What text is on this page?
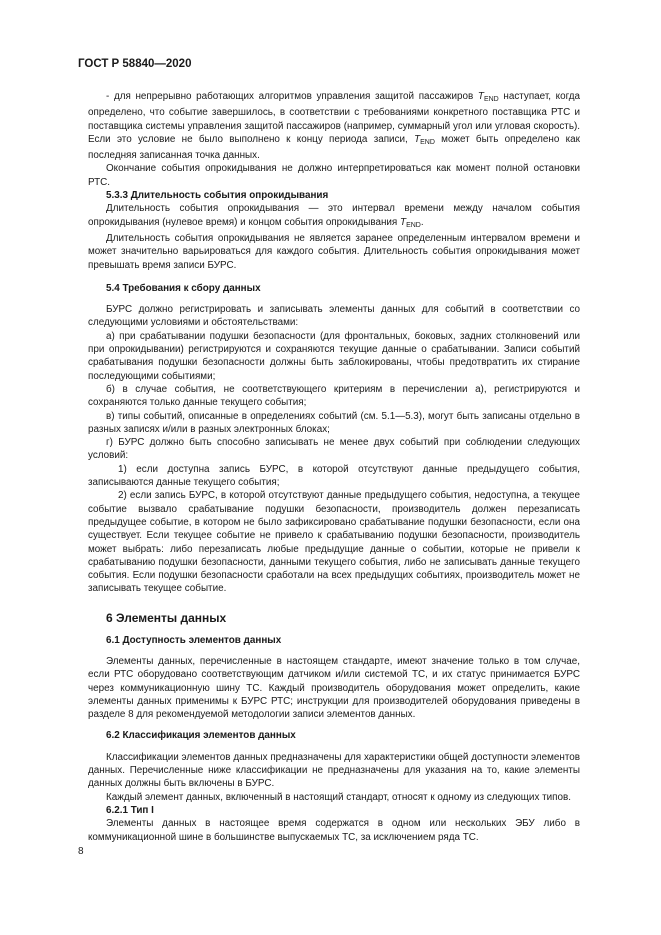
ГОСТ Р 58840—2020

- для непрерывно работающих алгоритмов управления защитой пассажиров $T_{END}$ наступает, когда определено, что событие завершилось, в соответствии с требованиями конкретного поставщика РТС и поставщика системы управления защитой пассажиров (например, суммарный угол или угловая скорость). Если это условие не было выполнено к концу периода записи, $T_{END}$ может быть определено как последняя записанная точка данных.

Окончание события опрокидывания не должно интерпретироваться как момент полной остановки РТС.

5.3.3 Длительность события опрокидывания

Длительность события опрокидывания — это интервал времени между началом события опрокидывания (нулевое время) и концом события опрокидывания $T_{END}$.

Длительность события опрокидывания не является заранее определенным интервалом времени и может значительно варьироваться для каждого события. Длительность события опрокидывания может превышать время записи БУРС.

5.4 Требования к сбору данных

БУРС должно регистрировать и записывать элементы данных для событий в соответствии со следующими условиями и обстоятельствами:

а) при срабатывании подушки безопасности (для фронтальных, боковых, задних столкновений или при опрокидывании) регистрируются и сохраняются текущие данные о срабатывании. Записи событий срабатывания подушки безопасности должны быть заблокированы, чтобы предотвратить их стирание последующими событиями;

б) в случае события, не соответствующего критериям в перечислении а), регистрируются и сохраняются только данные текущего события;

в) типы событий, описанные в определениях событий (см. 5.1—5.3), могут быть записаны отдельно в разных записях и/или в разных электронных блоках;

г) БУРС должно быть способно записывать не менее двух событий при соблюдении следующих условий:

1) если доступна запись БУРС, в которой отсутствуют данные предыдущего события, записываются данные текущего события;

2) если запись БУРС, в которой отсутствуют данные предыдущего события, недоступна, а текущее событие вызвало срабатывание подушки безопасности, производитель должен перезаписать предыдущее событие, в котором не было зафиксировано срабатывание подушки безопасности, если она существует. Если текущее событие не привело к срабатыванию подушки безопасности, производитель может выбрать: либо перезаписать любые предыдущие данные о событии, которые не привели к срабатыванию подушки безопасности, данными текущего события, либо не записывать данные текущего события. Если подушки безопасности сработали на всех предыдущих событиях, производитель может не записывать текущее событие.

6 Элементы данных
6.1 Доступность элементов данных

Элементы данных, перечисленные в настоящем стандарте, имеют значение только в том случае, если РТС оборудовано соответствующим датчиком и/или системой ТС, и их статус принимается БУРС через коммуникационную шину ТС. Каждый производитель оборудования может определить, какие элементы данных применимы к БУРС РТС; инструкции для производителей оборудования приведены в разделе 8 для рекомендуемой методологии записи элементов данных.

6.2 Классификация элементов данных

Классификации элементов данных предназначены для характеристики общей доступности элементов данных. Перечисленные ниже классификации не предназначены для указания на то, какие элементы данных должны быть включены в БУРС.

Каждый элемент данных, включенный в настоящий стандарт, относят к одному из следующих типов.

6.2.1 Тип I

Элементы данных в настоящее время содержатся в одном или нескольких ЭБУ либо в коммуникационной шине в большинстве выпускаемых ТС, за исключением ряда ТС.

8
